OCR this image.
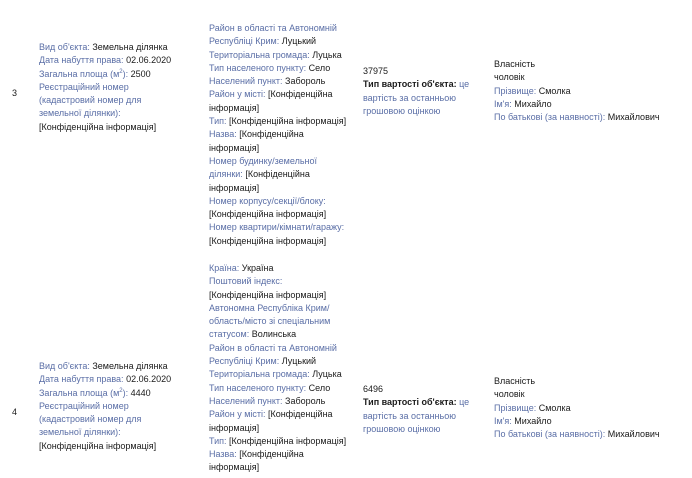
3
Вид об'єкта: Земельна ділянка
Дата набуття права: 02.06.2020
Загальна площа $(м^2)$: 2500
Реєстраційний номер
(кадастровий номер для
земельної ділянки):
[Конфіденційна інформація]
Район в області та Автономній
Республіці Крим: Луцький
Територіальна громада: Луцька
Тип населеного пункту: Село
Населений пункт: Забороль
Район у місті: [Конфіденційна
інформація]
Тип: [Конфіденційна інформація]
Назва: [Конфіденційна
інформація]
Номер будинку/земельної
ділянки: [Конфіденційна
інформація]
Номер корпусу/секції/блоку:
[Конфіденційна інформація]
Номер квартири/кімнати/гаражу:
[Конфіденційна інформація]
37975
Тип вартості об'єкта: це
вартість за останньою
грошовою оцінкою
Власність
чоловік
Прізвище: Смолка
Ім'я: Михайло
По батькові (за наявності): Михайлович
4
Вид об'єкта: Земельна ділянка
Дата набуття права: 02.06.2020
Загальна площа $(м^2)$: 4440
Реєстраційний номер
(кадастровий номер для
земельної ділянки):
[Конфіденційна інформація]
Країна: Україна
Поштовий індекс:
[Конфіденційна інформація]
Автономна Республіка Крим/
область/місто зі спеціальним
статусом: Волинська
Район в області та Автономній
Республіці Крим: Луцький
Територіальна громада: Луцька
Тип населеного пункту: Село
Населений пункт: Забороль
Район у місті: [Конфіденційна
інформація]
Тип: [Конфіденційна інформація]
Назва: [Конфіденційна
інформація]
6496
Тип вартості об'єкта: це
вартість за останньою
грошовою оцінкою
Власність
чоловік
Прізвище: Смолка
Ім'я: Михайло
По батькові (за наявності): Михайлович
